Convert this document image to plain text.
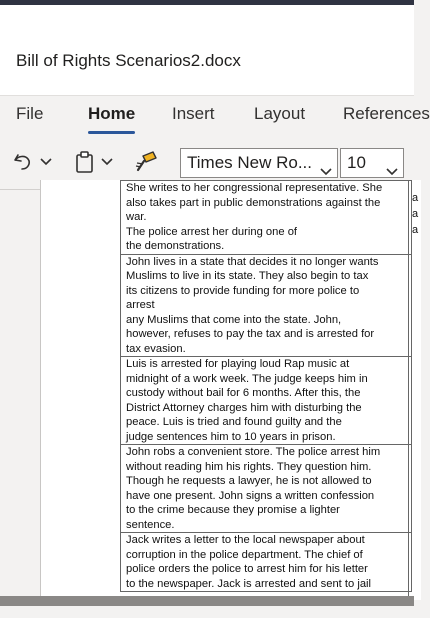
Bill of Rights Scenarios2.docx
File	Home Insert Layout References
Times New Ro...	10

She writes to her congressional representative. She

also takes part in public demonstrations against the

war.

The police arrest her during one of

the demonstrations.

John lives in a state that decides it no longer wants

Muslims to live in its state. They also begin to tax

its citizens to provide funding for more police to

arrest

any Muslims that come into the state. John,

however, refuses to pay the tax and is arrested for

tax evasion.

Luis is arrested for playing loud Rap music at

midnight of a work week. The judge keeps him in

custody without bail for 6 months. After this, the

District Attorney charges him with disturbing the

peace. Luis is tried and found guilty and the

judge sentences him to 10 years in prison.

John robs a convenient store. The police arrest him

without reading him his rights. They question him.

Though he requests a lawyer, he is not allowed to

have one present. John signs a written confession

to the crime because they promise a lighter

sentence.

Jack writes a letter to the local newspaper about

corruption in the police department. The chief of

police orders the police to arrest him for his letter

to the newspaper. Jack is arrested and sent to jail

a
a
a
